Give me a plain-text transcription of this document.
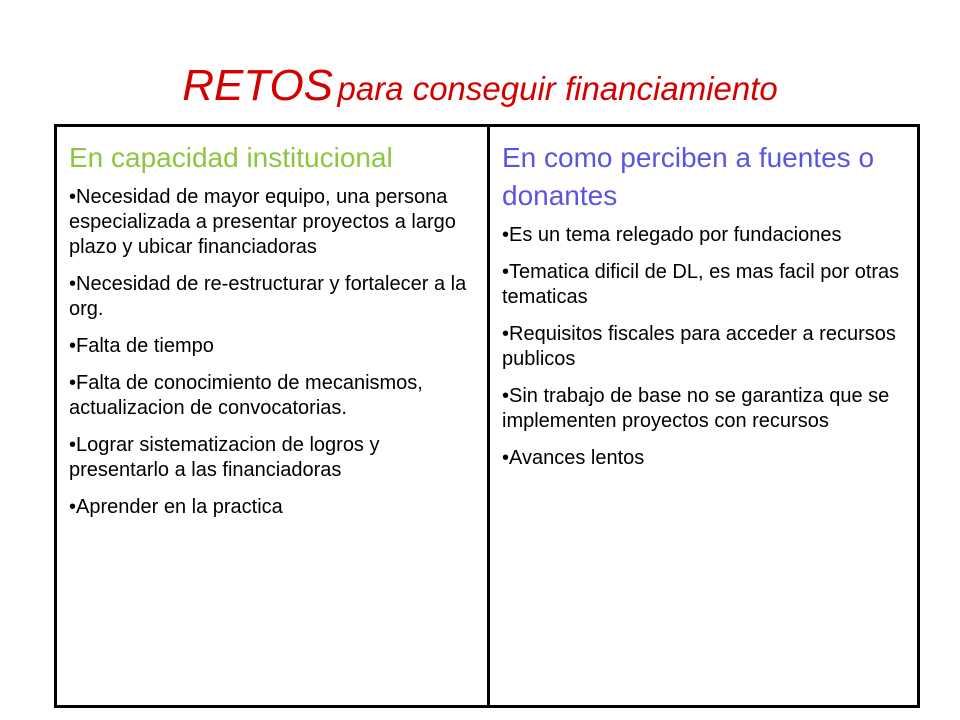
RETOS para conseguir financiamiento
En capacidad institucional
• Necesidad de mayor equipo, una persona especializada a presentar proyectos a largo plazo y ubicar financiadoras
• Necesidad de re-estructurar y fortalecer a la org.
• Falta de tiempo
• Falta de conocimiento de mecanismos, actualizacion de convocatorias.
• Lograr sistematizacion de logros y presentarlo a las financiadoras
• Aprender en la practica
En como perciben a fuentes o donantes
• Es un tema relegado por fundaciones
• Tematica dificil de DL, es mas facil por otras tematicas
• Requisitos fiscales para acceder a recursos publicos
• Sin trabajo de base no se garantiza que se implementen proyectos con recursos
• Avances lentos
